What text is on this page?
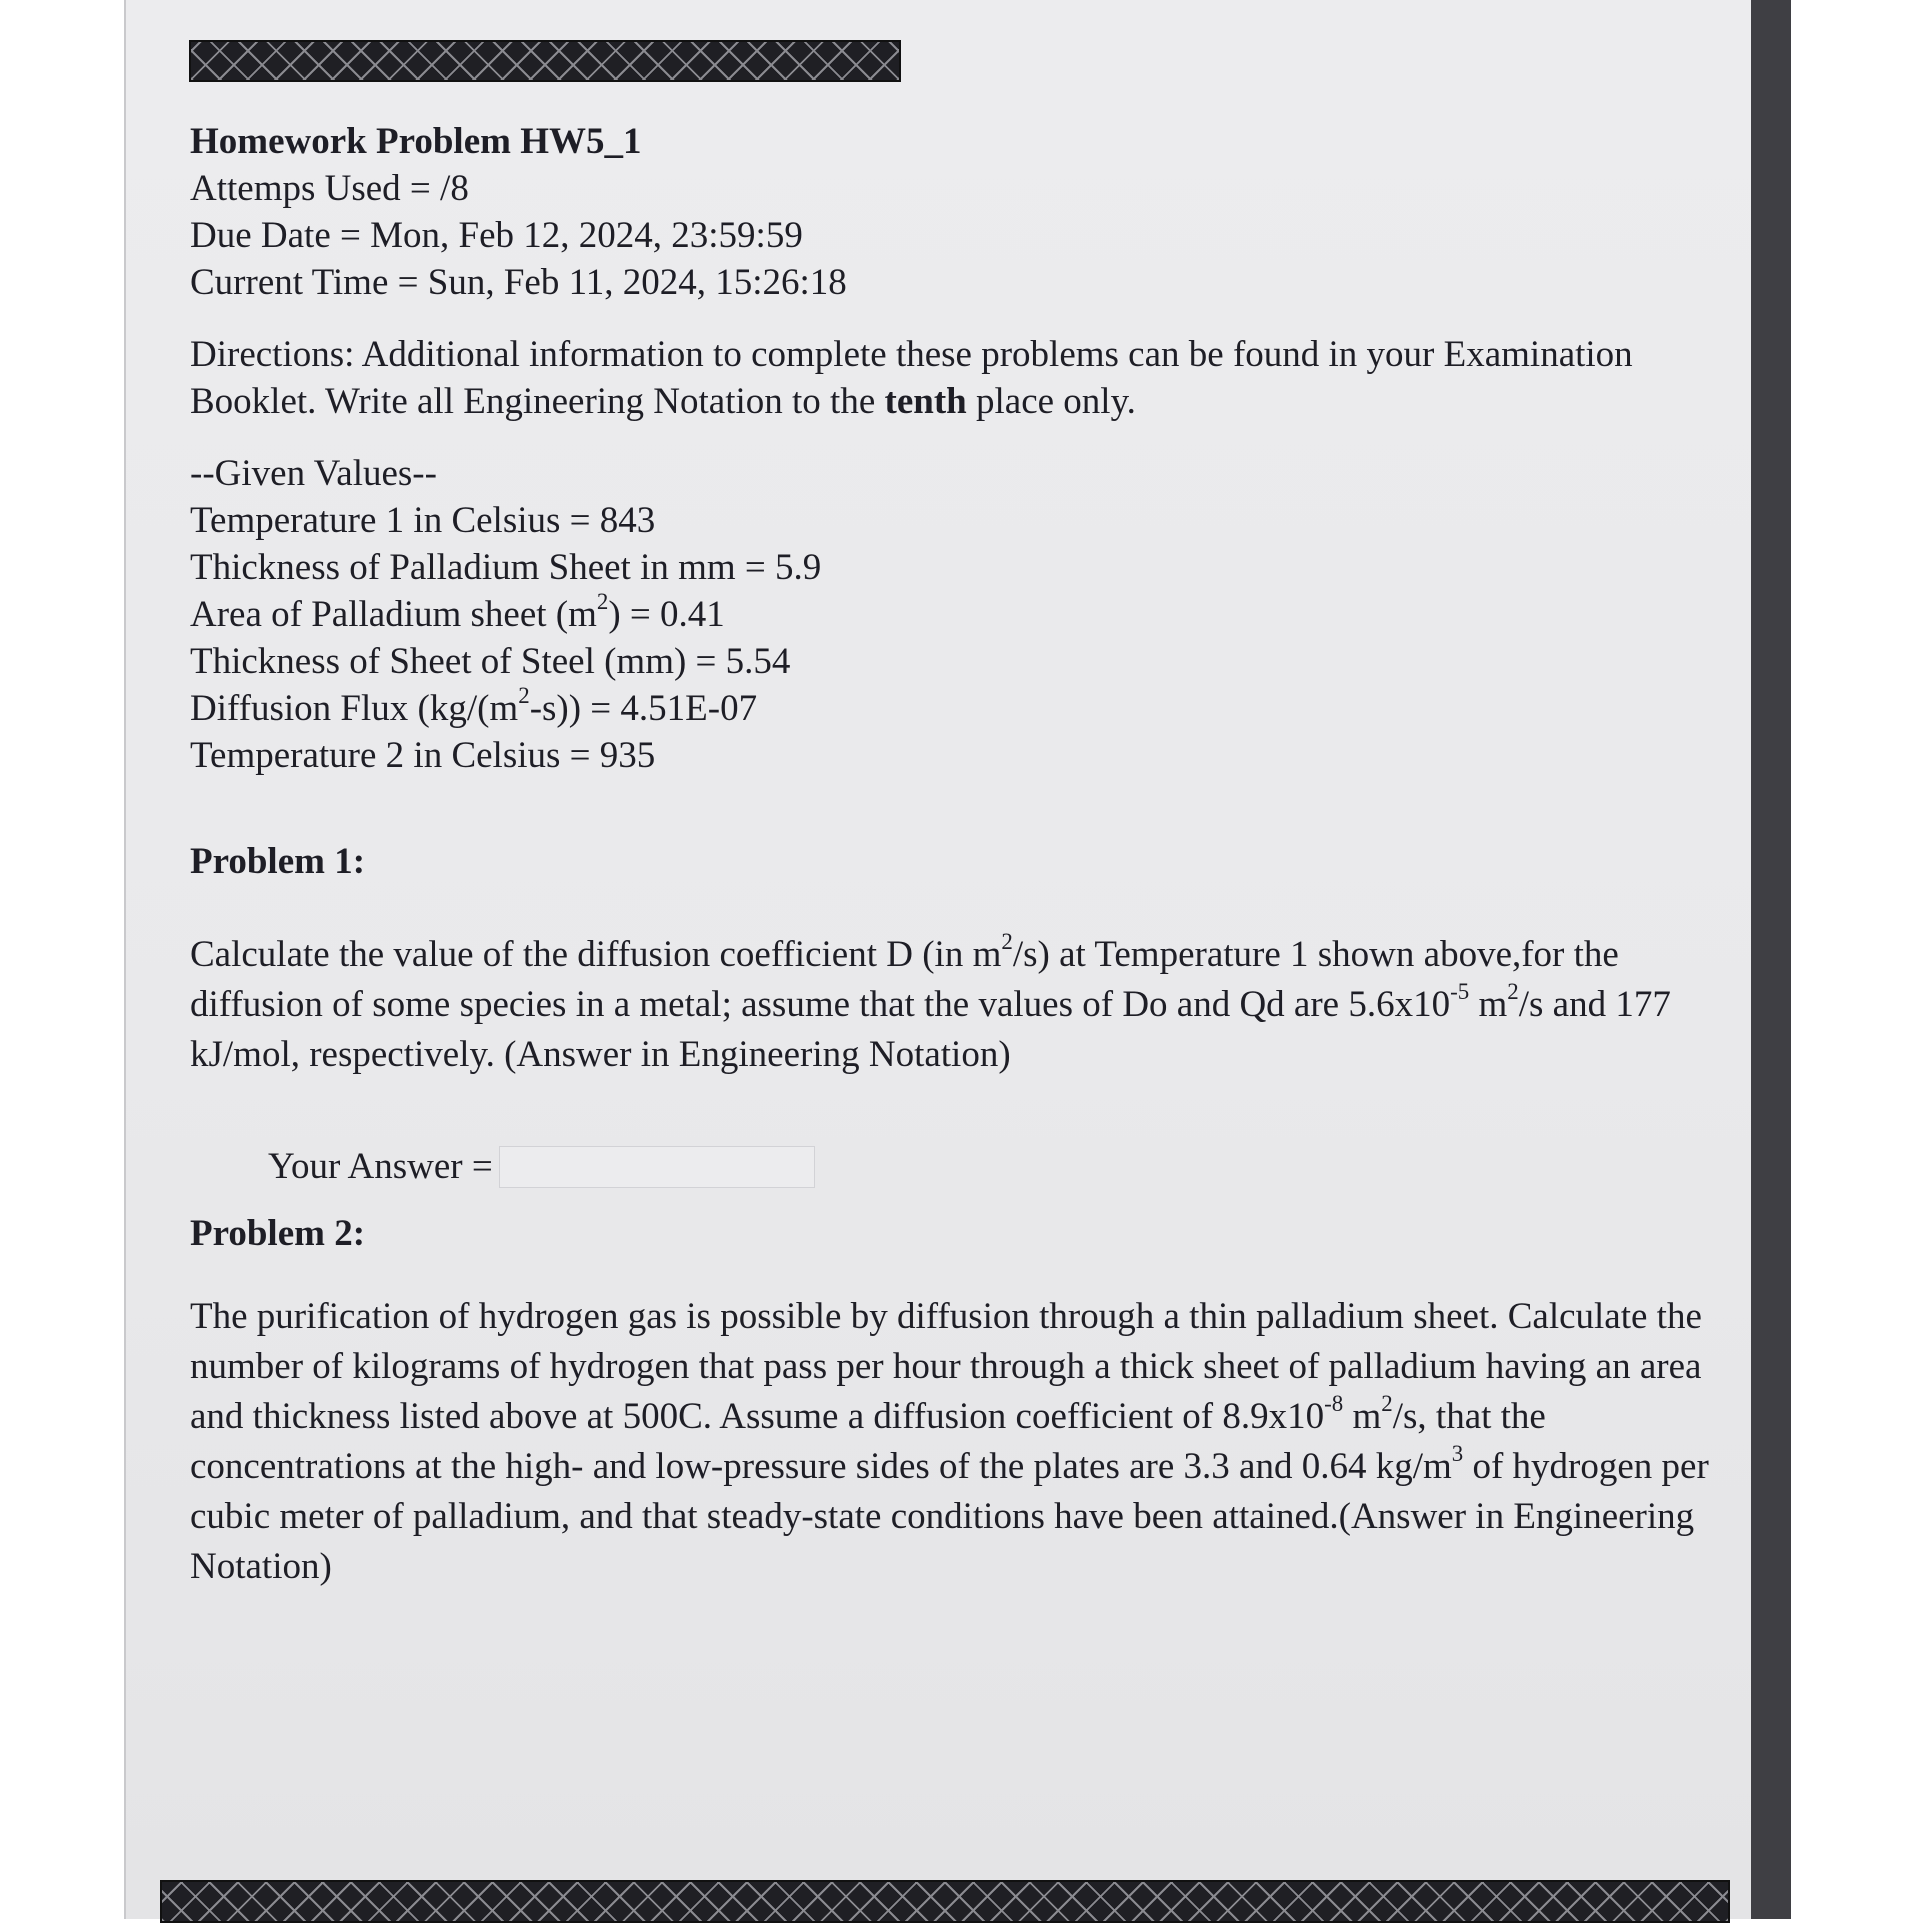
Homework Problem HW5_1
Attemps Used = /8
Due Date = Mon, Feb 12, 2024, 23:59:59
Current Time = Sun, Feb 11, 2024, 15:26:18
Directions: Additional information to complete these problems can be found in your Examination Booklet. Write all Engineering Notation to the tenth place only.
--Given Values--
Temperature 1 in Celsius = 843
Thickness of Palladium Sheet in mm = 5.9
Area of Palladium sheet $(m^2) = 0.41$
Thickness of Sheet of Steel (mm) = 5.54
Diffusion Flux $(kg/(m^2-s)) = 4.51E-07$
Temperature 2 in Celsius = 935
Problem 1:
Calculate the value of the diffusion coefficient D (in $m^2/s$) at Temperature 1 shown above,for the diffusion of some species in a metal; assume that the values of Do and Qd are $5.6x10^{-5}$ $m^2/s$ and 177 kJ/mol, respectively. (Answer in Engineering Notation)
Your Answer =
Problem 2:
The purification of hydrogen gas is possible by diffusion through a thin palladium sheet. Calculate the number of kilograms of hydrogen that pass per hour through a thick sheet of palladium having an area and thickness listed above at 500C. Assume a diffusion coefficient of $8.9x10^{-8}$ $m^2/s$, that the concentrations at the high- and low-pressure sides of the plates are 3.3 and 0.64 $kg/m^3$ of hydrogen per cubic meter of palladium, and that steady-state conditions have been attained.(Answer in Engineering Notation)
